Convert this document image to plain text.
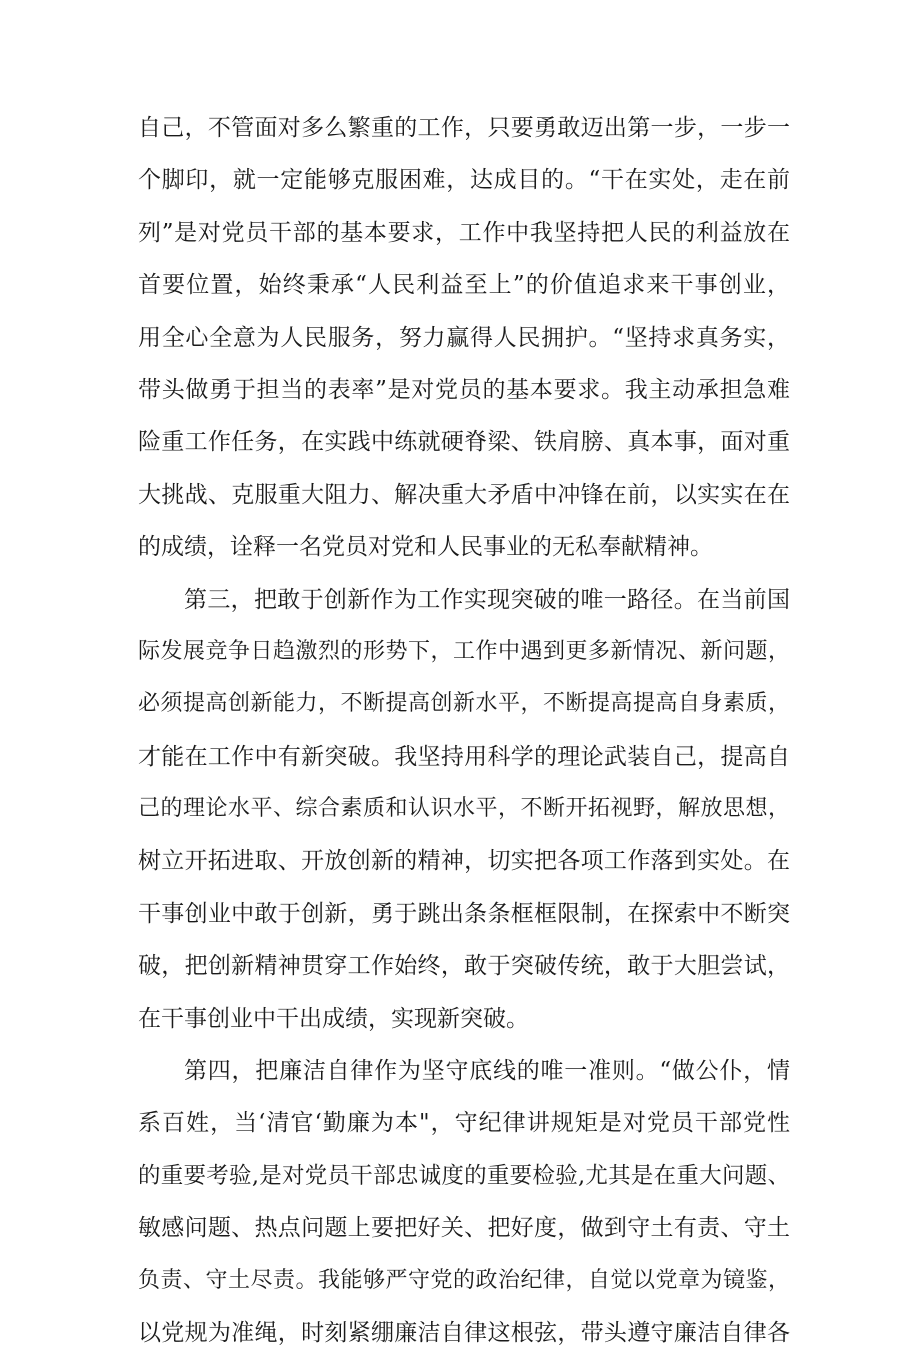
自己，不管面对多么繁重的工作，只要勇敢迈出第一步，一步一
个脚印，就一定能够克服困难，达成目的。“干在实处，走在前
列”是对党员干部的基本要求，工作中我坚持把人民的利益放在
首要位置，始终秉承“人民利益至上”的价值追求来干事创业，
用全心全意为人民服务，努力赢得人民拥护。“坚持求真务实，
带头做勇于担当的表率”是对党员的基本要求。我主动承担急难
险重工作任务，在实践中练就硬脊梁、铁肩膀、真本事，面对重
大挑战、克服重大阻力、解决重大矛盾中冲锋在前，以实实在在
的成绩，诠释一名党员对党和人民事业的无私奉献精神。
第三，把敢于创新作为工作实现突破的唯一路径。在当前国
际发展竞争日趋激烈的形势下，工作中遇到更多新情况、新问题，
必须提高创新能力，不断提高创新水平，不断提高提高自身素质，
才能在工作中有新突破。我坚持用科学的理论武装自己，提高自
己的理论水平、综合素质和认识水平，不断开拓视野，解放思想，
树立开拓进取、开放创新的精神，切实把各项工作落到实处。在
干事创业中敢于创新，勇于跳出条条框框限制，在探索中不断突
破，把创新精神贯穿工作始终，敢于突破传统，敢于大胆尝试，
在干事创业中干出成绩，实现新突破。
第四，把廉洁自律作为坚守底线的唯一准则。“做公仆，情
系百姓，当‘清官‘勤廉为本"，守纪律讲规矩是对党员干部党性
的重要考验,是对党员干部忠诚度的重要检验,尤其是在重大问题、
敏感问题、热点问题上要把好关、把好度，做到守土有责、守土
负责、守土尽责。我能够严守党的政治纪律，自觉以党章为镜鉴，
以党规为准绳，时刻紧绷廉洁自律这根弦，带头遵守廉洁自律各
